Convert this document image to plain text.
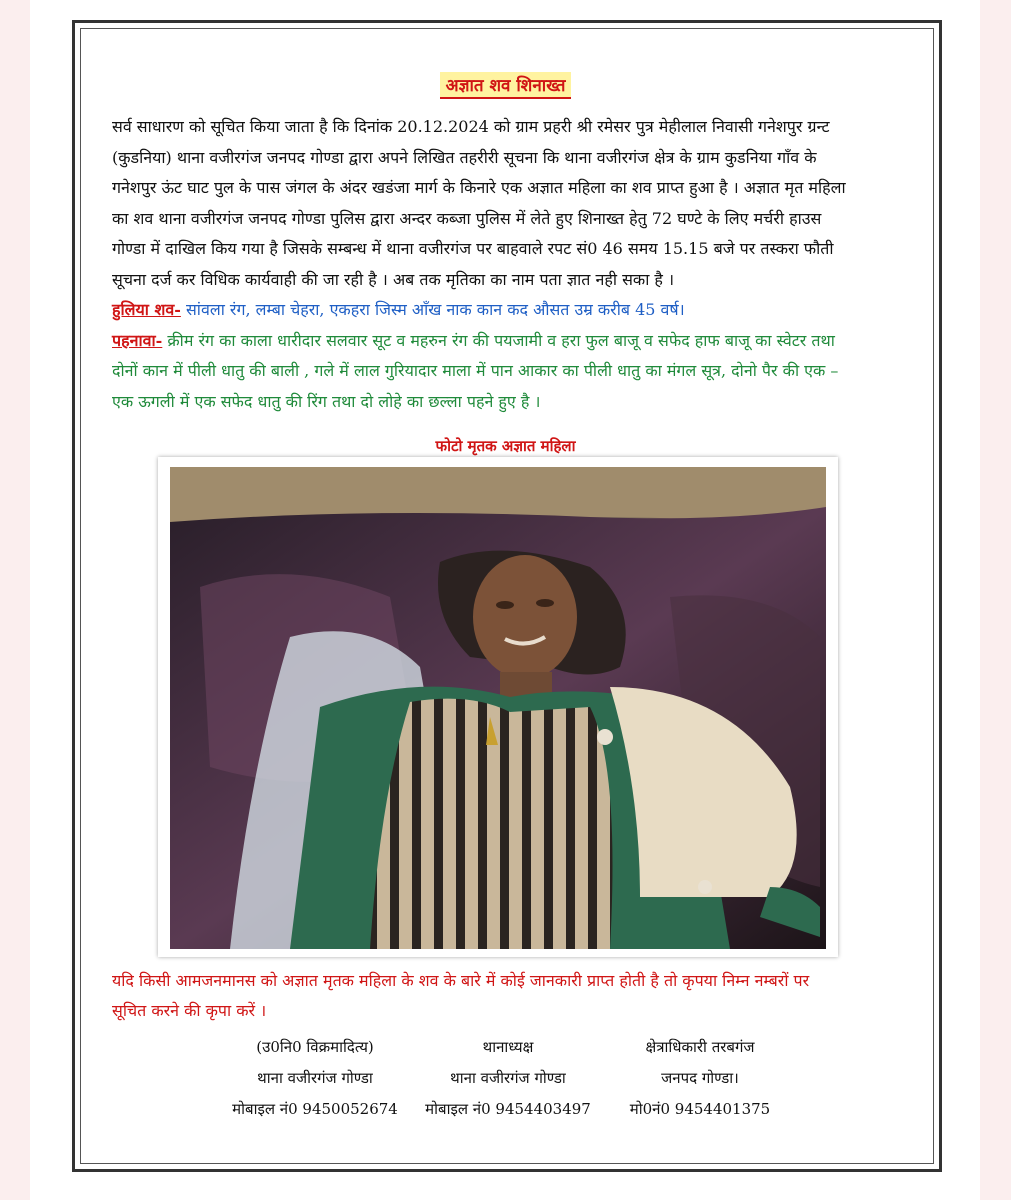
अज्ञात शव शिनाख्त
सर्व साधारण को सूचित किया जाता है कि दिनांक 20.12.2024 को ग्राम प्रहरी श्री रमेसर पुत्र मेहीलाल निवासी गनेशपुर ग्रन्ट
(कुडनिया) थाना वजीरगंज जनपद गोण्डा द्वारा अपने लिखित तहरीरी सूचना कि थाना वजीरगंज क्षेत्र के ग्राम कुडनिया गाँव के
गनेशपुर ऊंट घाट पुल के पास जंगल के अंदर खडंजा मार्ग के किनारे एक अज्ञात महिला का शव प्राप्त हुआ है । अज्ञात मृत महिला
का शव थाना वजीरगंज जनपद गोण्डा पुलिस द्वारा अन्दर कब्जा पुलिस में लेते हुए शिनाख्त हेतु 72 घण्टे के लिए मर्चरी हाउस
गोण्डा में दाखिल किय गया है जिसके सम्बन्ध में थाना वजीरगंज पर बाहवाले रपट सं0 46 समय 15.15 बजे पर तस्करा फौती
सूचना दर्ज कर विधिक कार्यवाही की जा रही है । अब तक मृतिका का नाम पता ज्ञात नही सका है ।
हुलिया शव- सांवला रंग, लम्बा चेहरा, एकहरा जिस्म आँख नाक कान कद औसत उम्र करीब 45 वर्ष।
पहनावा- क्रीम रंग का काला धारीदार सलवार सूट व महरुन रंग की पयजामी व हरा फुल बाजू व सफेद हाफ बाजू का स्वेटर तथा
दोनों कान में पीली धातु की बाली , गले में लाल गुरियादार माला में पान आकार का पीली धातु का मंगल सूत्र, दोनो पैर की एक –
एक ऊगली में एक सफेद धातु की रिंग तथा दो लोहे का छल्ला पहने हुए है ।
फोटो मृतक अज्ञात महिला
यदि किसी आमजनमानस को अज्ञात मृतक महिला के शव के बारे में कोई जानकारी प्राप्त होती है तो कृपया निम्न नम्बरों पर
सूचित करने की कृपा करें ।
(उ0नि0 विक्रमादित्य)
थाना वजीरगंज गोण्डा
मोबाइल नं0 9450052674
थानाध्यक्ष
थाना वजीरगंज गोण्डा
मोबाइल नं0 9454403497
क्षेत्राधिकारी तरबगंज
जनपद गोण्डा।
मो0नं0 9454401375
